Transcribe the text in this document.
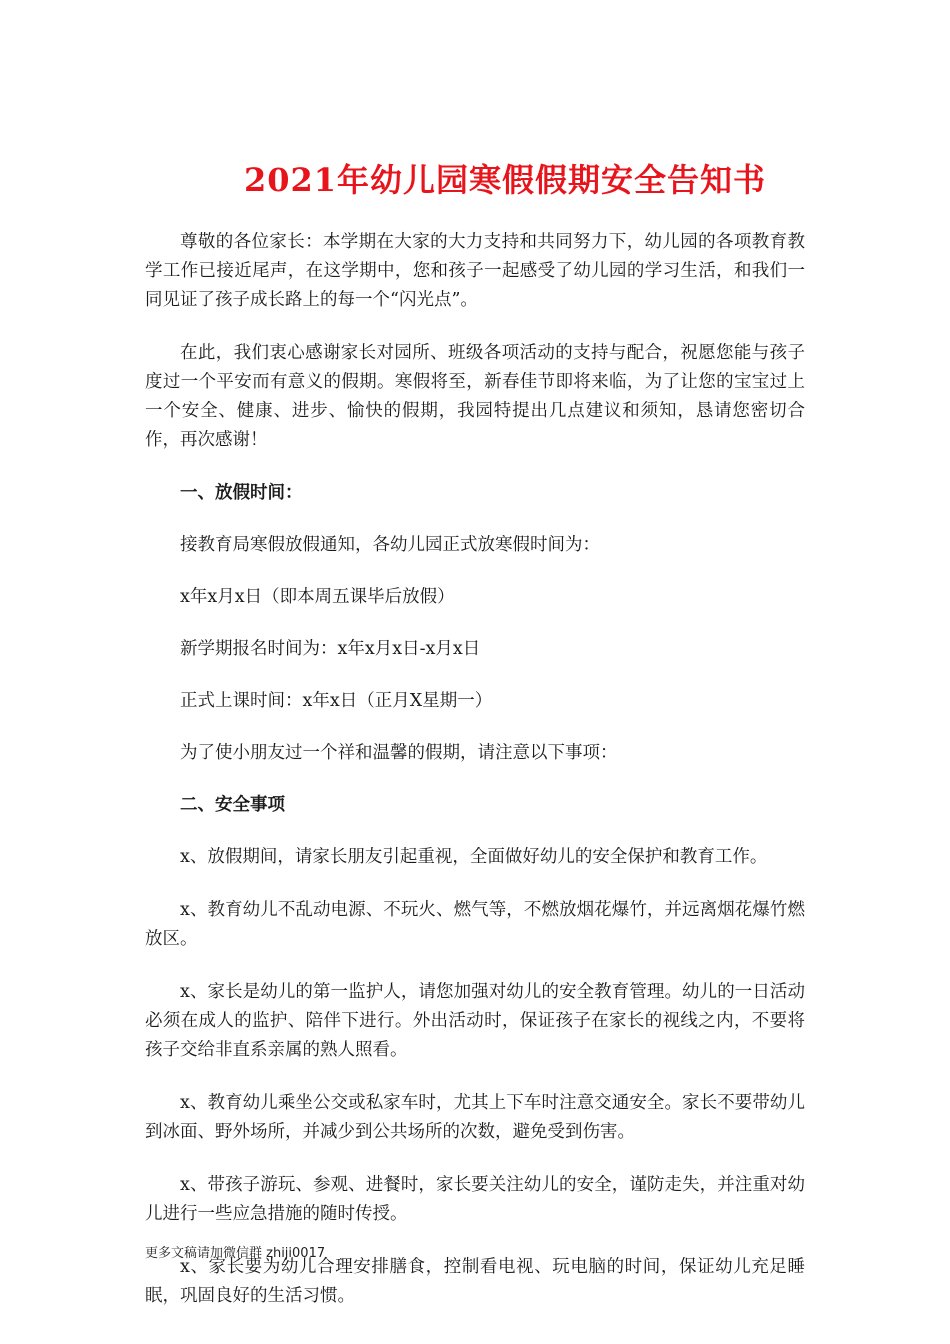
2021年幼儿园寒假假期安全告知书

尊敬的各位家长：本学期在大家的大力支持和共同努力下，幼儿园的各项教育教学工作已接近尾声，在这学期中，您和孩子一起感受了幼儿园的学习生活，和我们一同见证了孩子成长路上的每一个“闪光点”。

在此，我们衷心感谢家长对园所、班级各项活动的支持与配合，祝愿您能与孩子度过一个平安而有意义的假期。寒假将至，新春佳节即将来临，为了让您的宝宝过上一个安全、健康、进步、愉快的假期，我园特提出几点建议和须知，恳请您密切合作，再次感谢！

一、放假时间：

接教育局寒假放假通知，各幼儿园正式放寒假时间为：

x年x月x日（即本周五课毕后放假）

新学期报名时间为：x年x月x日-x月x日

正式上课时间：x年x日（正月X星期一）

为了使小朋友过一个祥和温馨的假期，请注意以下事项：

二、安全事项

x、放假期间，请家长朋友引起重视，全面做好幼儿的安全保护和教育工作。

x、教育幼儿不乱动电源、不玩火、燃气等，不燃放烟花爆竹，并远离烟花爆竹燃放区。

x、家长是幼儿的第一监护人，请您加强对幼儿的安全教育管理。幼儿的一日活动必须在成人的监护、陪伴下进行。外出活动时，保证孩子在家长的视线之内，不要将孩子交给非直系亲属的熟人照看。

x、教育幼儿乘坐公交或私家车时，尤其上下车时注意交通安全。家长不要带幼儿到冰面、野外场所，并减少到公共场所的次数，避免受到伤害。

x、带孩子游玩、参观、进餐时，家长要关注幼儿的安全，谨防走失，并注重对幼儿进行一些应急措施的随时传授。

x、家长要为幼儿合理安排膳食，控制看电视、玩电脑的时间，保证幼儿充足睡眠，巩固良好的生活习惯。

更多文稿请加微信群 zhiji0017
